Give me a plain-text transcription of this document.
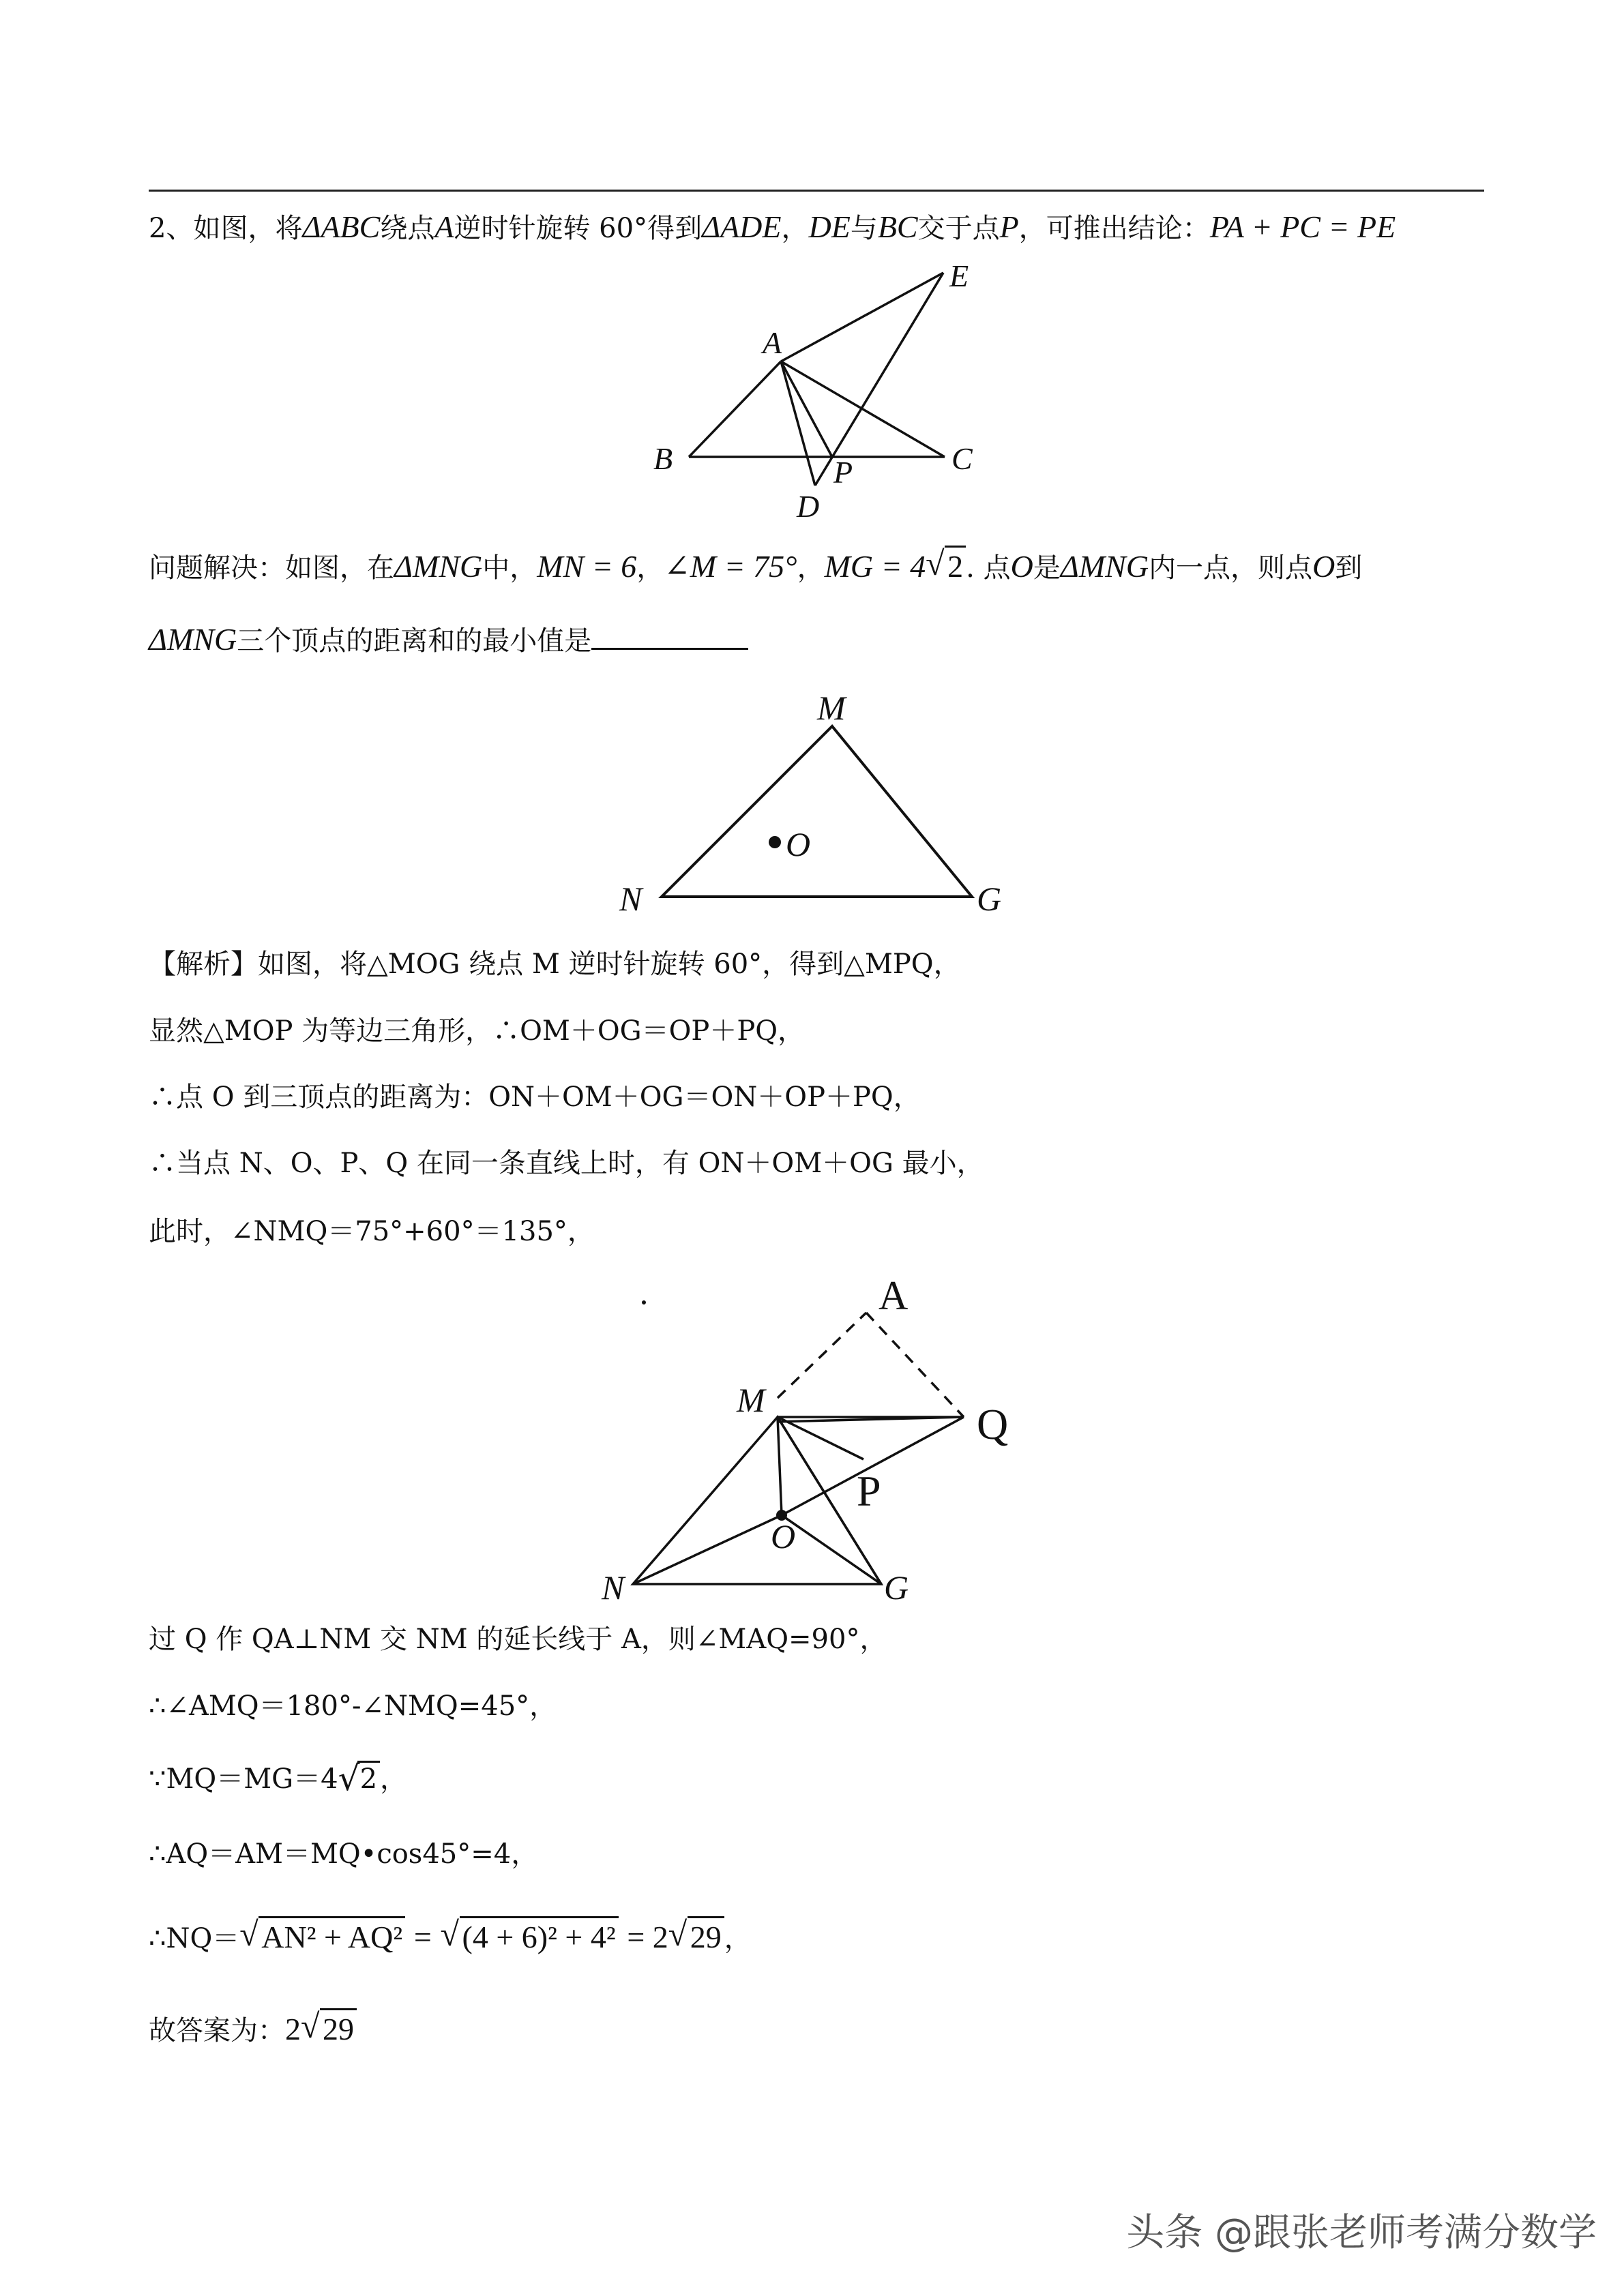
2、如图，将ΔABC绕点A逆时针旋转 60°得到ΔADE，DE与BC交于点P，可推出结论：PA + PC = PE
E
A
B	C
P
D
问题解决：如图，在ΔMNG中，MN = 6，∠M = 75°，MG = 4 √ 2 . 点O是ΔMNG内一点，则点O到
ΔMNG三个顶点的距离和的最小值是
M
N	G
O
【解析】如图，将△MOG 绕点 M 逆时针旋转 60°，得到△MPQ，
显然△MOP 为等边三角形，∴OM＋OG＝OP＋PQ，
∴点 O 到三顶点的距离为：ON＋OM＋OG＝ON＋OP＋PQ，
∴当点 N、O、P、Q 在同一条直线上时，有 ON＋OM＋OG 最小，
此时，∠NMQ＝75°+60°＝135°，
A
Q
P
M
O
N	G
过 Q 作 QA⊥NM 交 NM 的延长线于 A，则∠MAQ=90°，
∴∠AMQ＝180°-∠NMQ=45°，
∵MQ＝MG＝4 √ 2 ，
∴AQ＝AM＝MQ•cos45°=4，
∴NQ＝ √ AN² + AQ² = √ (4 + 6)² + 4² = 2 √ 29 ，
故答案为：2 √ 29
头条 @跟张老师考满分数学
